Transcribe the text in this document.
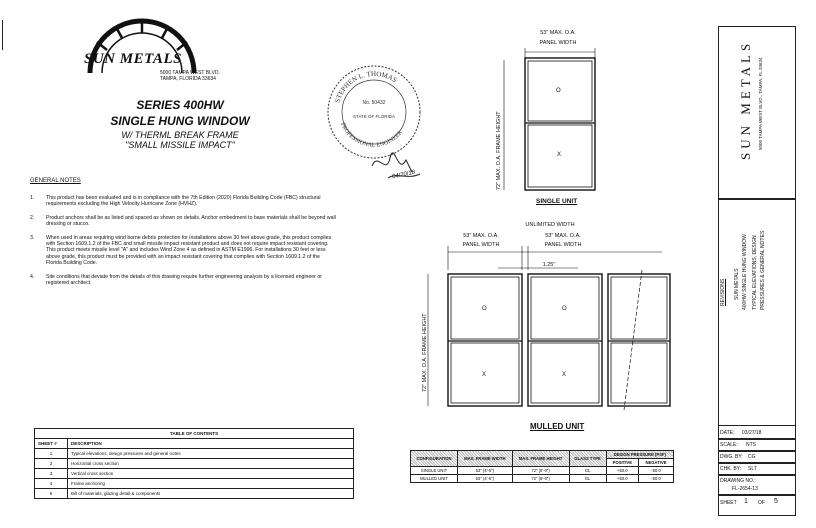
SUN METALS
5000 TAMPA WEST BLVD.
TAMPA, FLORIDA 33634
SERIES 400HW
SINGLE HUNG WINDOW
W/ THERML BREAK FRAME
"SMALL MISSILE IMPACT"
GENERAL NOTES

1.	This product has been evaluated and is in compliance with the 7th Edition (2020) Florida Building Code (FBC) structural requirements excluding the High Velocity Hurricane Zone (HVHZ).

2.	Product anchors shall be as listed and spaced as shown on details. Anchor embedment to base materials shall be beyond wall dressing or stucco.

3.	When used in areas requiring wind borne debris protection for installations above 30 feet above grade, this product complies with Section 1609.1.2 of the FBC and small missile impact resistant product and does not require impact resistant covering. This product meets missile level "A" and includes Wind Zone 4 as defined in ASTM E1996. For installations 30 feet or less above grade, this product must be provided with an impact resistant covering that complies with Section 1609.1.2 of the Florida Building Code.

4.	Site conditions that deviate from the details of this drawing require further engineering analysis by a licensed engineer or registered architect.

STEPHEN L. THOMAS
PROFESSIONAL ENGINEER
No. 50432
STATE OF FLORIDA
04/20/18
53" MAX. O.A.
PANEL WIDTH
O
X
72" MAX. O.A. FRAME HEIGHT
SINGLE UNIT
UNLIMITED WIDTH
53" MAX. O.A.
PANEL WIDTH
53" MAX. O.A.
PANEL WIDTH
1.25"
O	O
X	X
72" MAX. O.A. FRAME HEIGHT
MULLED UNIT
TABLE OF CONTENTS	
SHEET #	DESCRIPTION
1	Typical elevations, design pressures and general notes
2	Horizontal cross section
3	Vertical cross section
4	Frame anchoring
5	Bill of materials, glazing detail & components
CONFIGURATION	MAX. FRAME WIDTH	MAX. FRAME HEIGHT	GLASS TYPE	DESIGN PRESSURE (PSF)	
				POSITIVE	NEGATIVE
SINGLE UNIT	53" (4'-5")	72" (6'-0")	GL	+50.0	-50.0
MULLED UNIT	53" (4'-5")	72" (6'-0")	GL	+50.0	-50.0
SUN METALS 5000 TAMPA WEST BLVD., TAMPA, FL 33634
REVISIONS SUN METALS 400HW SINGLE HUNG WINDOW TYPICAL ELEVATIONS, DESIGN PRESSURES & GENERAL NOTES
DATE: 03/27/18
SCALE: NTS
DWG. BY: CG
CHK. BY: SLT
DRAWING NO.:
FL-2654-13
SHEET 1 OF 5
